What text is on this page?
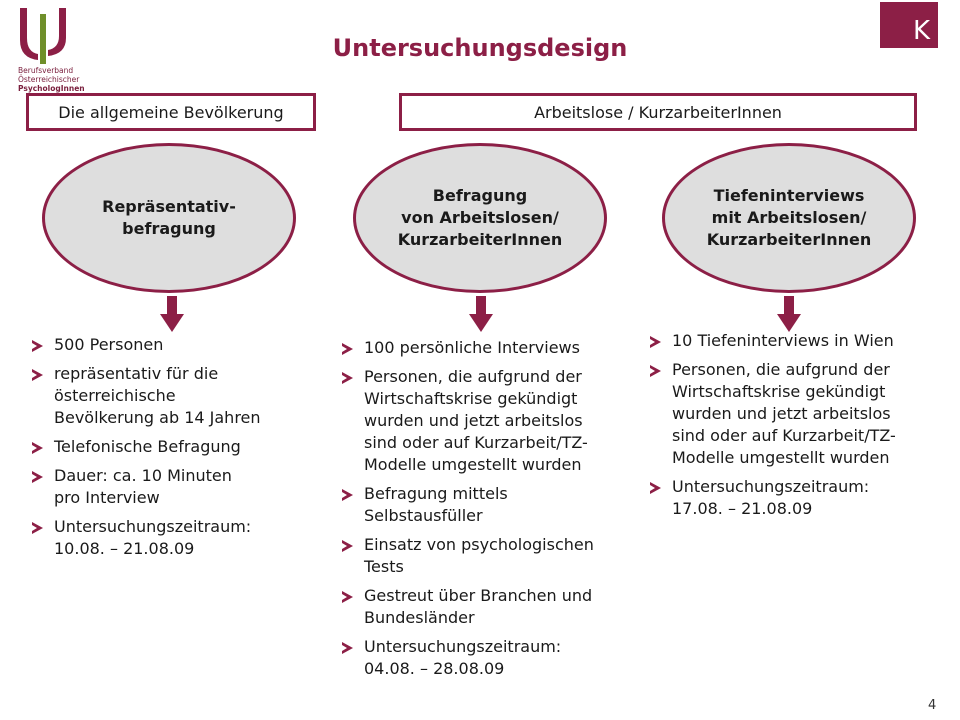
Berufsverband
Österreichischer
PsychologInnen
K
Untersuchungsdesign
Die allgemeine Bevölkerung	Arbeitslose / KurzarbeiterInnen
Repräsentativ-
befragung
Befragung
von Arbeitslosen/
KurzarbeiterInnen
Tiefeninterviews
mit Arbeitslosen/
KurzarbeiterInnen
500 Personen
repräsentativ für die
österreichische
Bevölkerung ab 14 Jahren
Telefonische Befragung
Dauer: ca. 10 Minuten
pro Interview
Untersuchungszeitraum:
10.08. – 21.08.09
100 persönliche Interviews
Personen, die aufgrund der
Wirtschaftskrise gekündigt
wurden und jetzt arbeitslos
sind oder auf Kurzarbeit/TZ-
Modelle umgestellt wurden
Befragung mittels
Selbstausfüller
Einsatz von psychologischen
Tests
Gestreut über Branchen und
Bundesländer
Untersuchungszeitraum:
04.08. – 28.08.09
10 Tiefeninterviews in Wien
Personen, die aufgrund der
Wirtschaftskrise gekündigt
wurden und jetzt arbeitslos
sind oder auf Kurzarbeit/TZ-
Modelle umgestellt wurden
Untersuchungszeitraum:
17.08. – 21.08.09
4
